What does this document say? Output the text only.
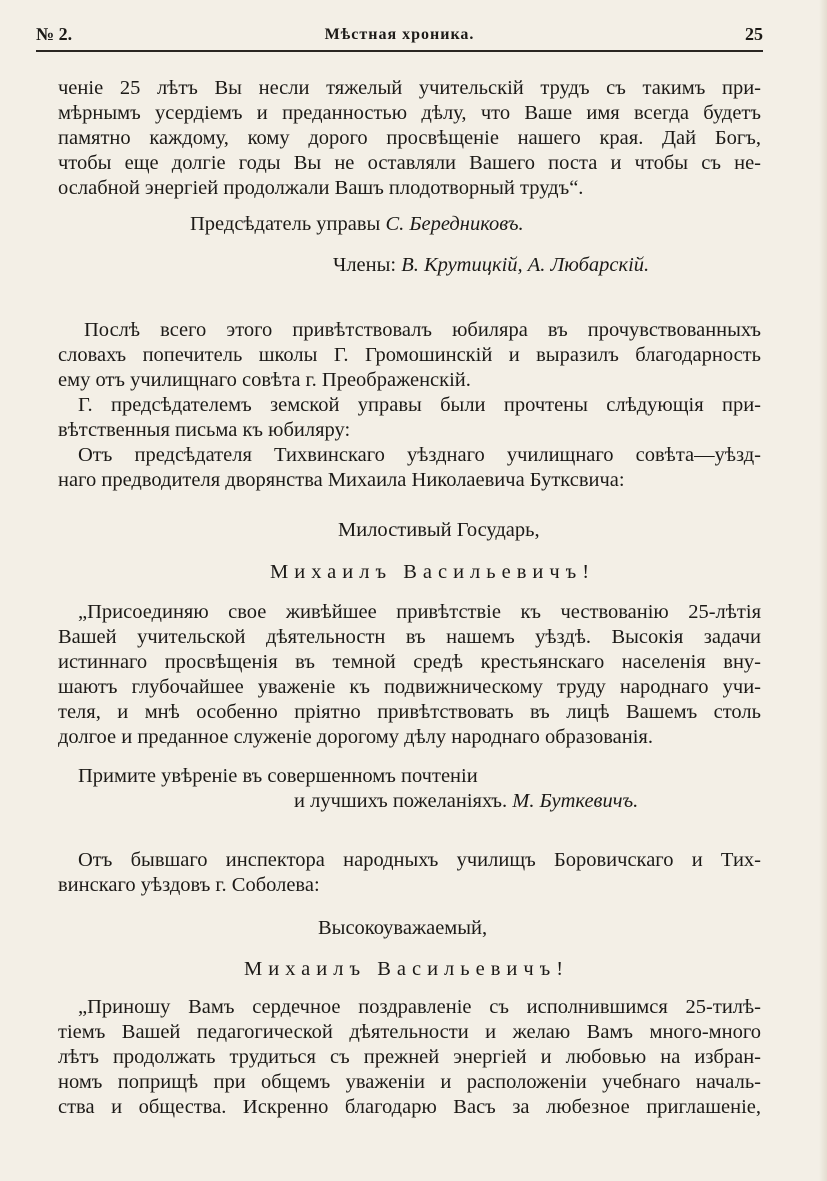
№ 2.	Мѣстная хроника.	25
ченіе 25 лѣтъ Вы несли тяжелый учительскій трудъ съ такимъ при-
мѣрнымъ усердіемъ и преданностью дѣлу, что Ваше имя всегда будетъ
памятно каждому, кому дорого просвѣщеніе нашего края. Дай Богъ,
чтобы еще долгіе годы Вы не оставляли Вашего поста и чтобы съ не-
ослабной энергіей продолжали Вашъ плодотворный трудъ“.
Предсѣдатель управы С. Бередниковъ.
Члены: В. Крутицкій, А. Любарскій.
Послѣ всего этого привѣтствовалъ юбиляра въ прочувствованныхъ
словахъ попечитель школы Г. Громошинскій и выразилъ благодарность
ему отъ училищнаго совѣта г. Преображенскій.
Г. предсѣдателемъ земской управы были прочтены слѣдующія при-
вѣтственныя письма къ юбиляру:
Отъ предсѣдателя Тихвинскаго уѣзднаго училищнаго совѣта—уѣзд-
наго предводителя дворянства Михаила Николаевича Бутксвича:
Милостивый Государь,
Михаилъ Васильевичъ!
„Присоединяю свое живѣйшее привѣтствіе къ чествованію 25-лѣтія
Вашей учительской дѣятельностн въ нашемъ уѣздѣ. Высокія задачи
истиннаго просвѣщенія въ темной средѣ крестьянскаго населенія вну-
шаютъ глубочайшее уваженіе къ подвижническому труду народнаго учи-
теля, и мнѣ особенно пріятно привѣтствовать въ лицѣ Вашемъ столь
долгое и преданное служеніе дорогому дѣлу народнаго образованія.
Примите увѣреніе въ совершенномъ почтеніи
и лучшихъ пожеланіяхъ. М. Буткевичъ.
Отъ бывшаго инспектора народныхъ училищъ Боровичскаго и Тих-
винскаго уѣздовъ г. Соболева:
Высокоуважаемый,
Михаилъ Васильевичъ!
„Приношу Вамъ сердечное поздравленіе съ исполнившимся 25-тилѣ-
тіемъ Вашей педагогической дѣятельности и желаю Вамъ много-много
лѣтъ продолжать трудиться съ прежней энергіей и любовью на избран-
номъ поприщѣ при общемъ уваженіи и расположеніи учебнаго началь-
ства и общества. Искренно благодарю Васъ за любезное приглашеніе,
